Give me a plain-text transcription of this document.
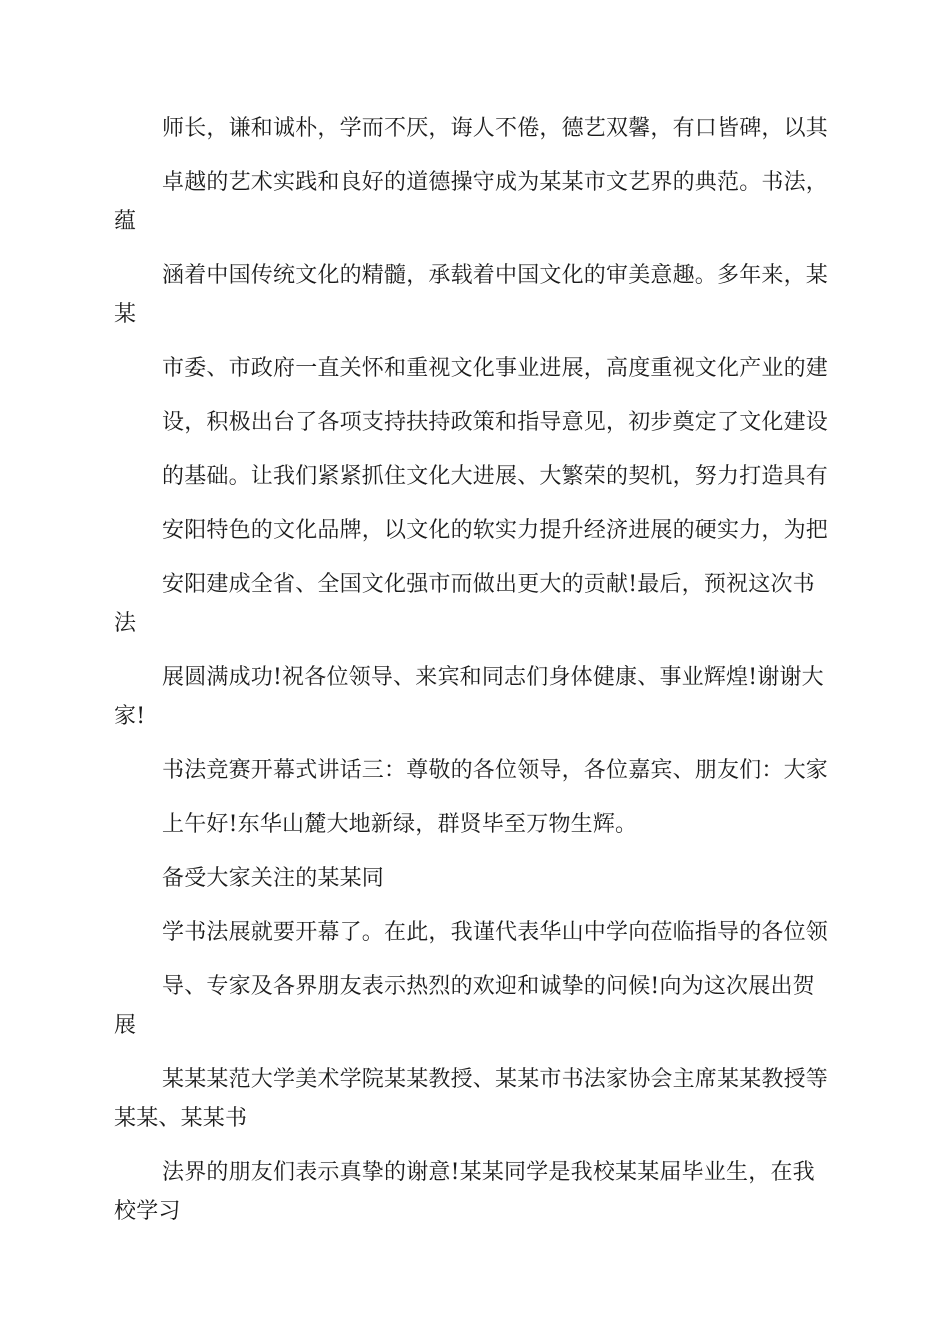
师长，谦和诚朴，学而不厌，诲人不倦，德艺双馨，有口皆碑，以其
卓越的艺术实践和良好的道德操守成为某某市文艺界的典范。书法，
蕴
涵着中国传统文化的精髓，承载着中国文化的审美意趣。多年来，某
某
市委、市政府一直关怀和重视文化事业进展，高度重视文化产业的建
设，积极出台了各项支持扶持政策和指导意见，初步奠定了文化建设
的基础。让我们紧紧抓住文化大进展、大繁荣的契机，努力打造具有
安阳特色的文化品牌，以文化的软实力提升经济进展的硬实力，为把
安阳建成全省、全国文化强市而做出更大的贡献!最后，预祝这次书
法
展圆满成功!祝各位领导、来宾和同志们身体健康、事业辉煌!谢谢大
家!
书法竞赛开幕式讲话三：尊敬的各位领导，各位嘉宾、朋友们：大家
上午好!东华山麓大地新绿，群贤毕至万物生辉。
备受大家关注的某某同
学书法展就要开幕了。在此，我谨代表华山中学向莅临指导的各位领
导、专家及各界朋友表示热烈的欢迎和诚挚的问候!向为这次展出贺
展
某某某范大学美术学院某某教授、某某市书法家协会主席某某教授等
某某、某某书
法界的朋友们表示真挚的谢意!某某同学是我校某某届毕业生，在我
校学习
